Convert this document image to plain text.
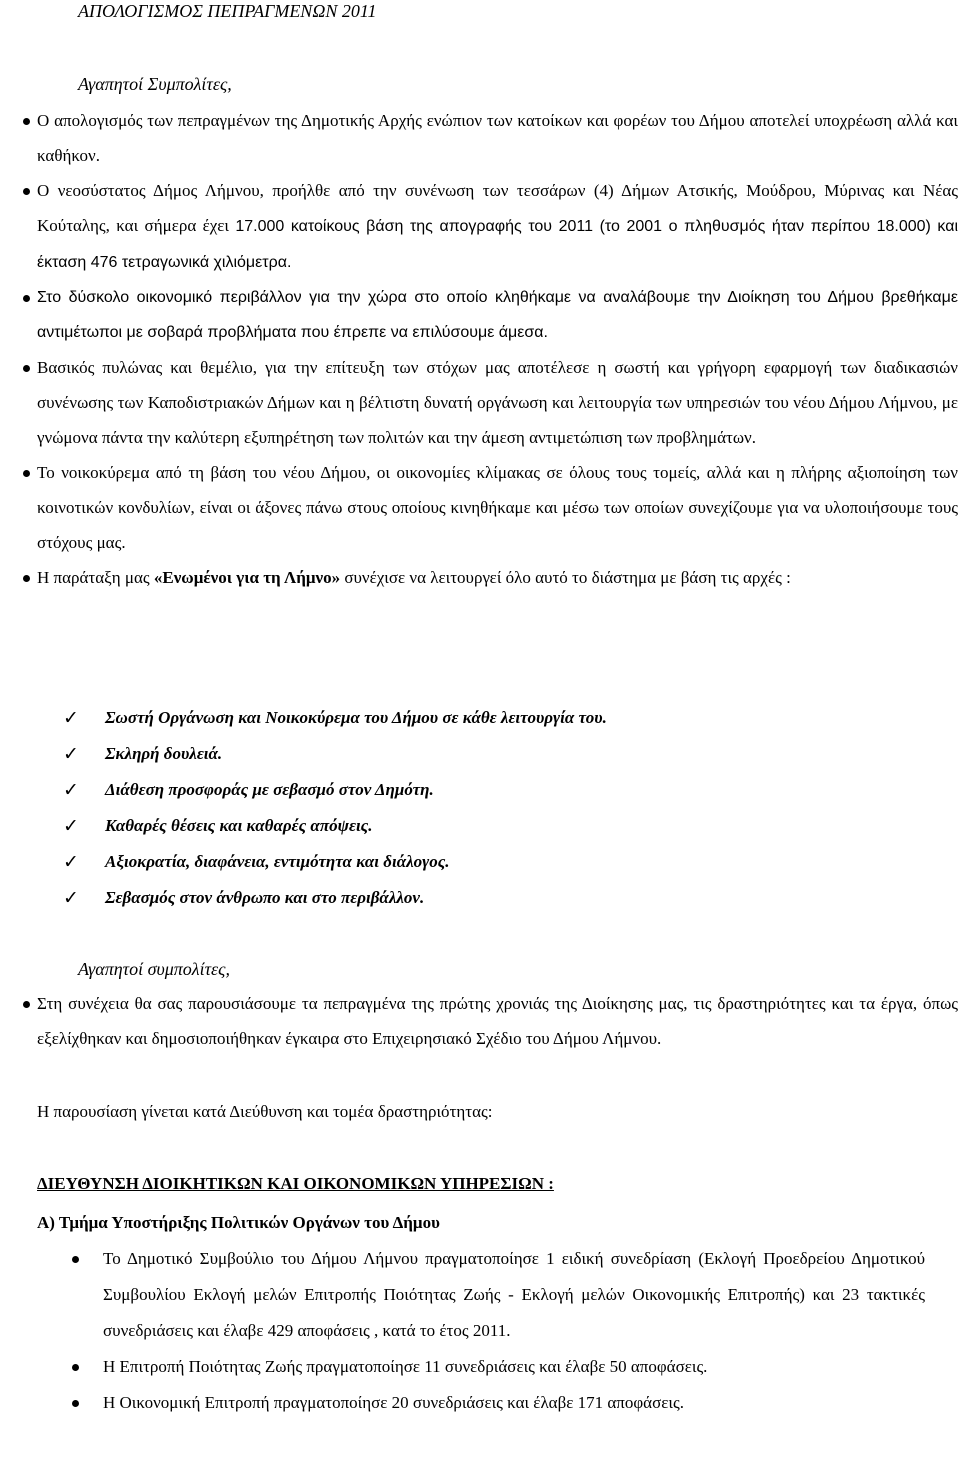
ΑΠΟΛΟΓΙΣΜΟΣ ΠΕΠΡΑΓΜΕΝΩΝ 2011
Αγαπητοί Συμπολίτες,
Ο απολογισμός των πεπραγμένων της Δημοτικής Αρχής ενώπιον των κατοίκων και φορέων του Δήμου αποτελεί υποχρέωση αλλά και καθήκον.
Ο νεοσύστατος Δήμος Λήμνου, προήλθε από την συνένωση των τεσσάρων (4) Δήμων Ατσικής, Μούδρου, Μύρινας και Νέας Κούταλης, και σήμερα έχει 17.000 κατοίκους βάση της απογραφής του 2011 (το 2001 ο πληθυσμός ήταν περίπου 18.000) και έκταση 476 τετραγωνικά χιλιόμετρα.
Στο δύσκολο οικονομικό περιβάλλον για την χώρα στο οποίο κληθήκαμε να αναλάβουμε την Διοίκηση του Δήμου βρεθήκαμε αντιμέτωποι με σοβαρά προβλήματα που έπρεπε να επιλύσουμε άμεσα.
Βασικός πυλώνας και θεμέλιο, για την επίτευξη των στόχων μας αποτέλεσε η σωστή και γρήγορη εφαρμογή των διαδικασιών συνένωσης των Καποδιστριακών Δήμων και η βέλτιστη δυνατή οργάνωση και λειτουργία των υπηρεσιών του νέου Δήμου Λήμνου, με γνώμονα πάντα την καλύτερη εξυπηρέτηση των πολιτών και την άμεση αντιμετώπιση των προβλημάτων.
Το νοικοκύρεμα από τη βάση του νέου Δήμου, οι οικονομίες κλίμακας σε όλους τους τομείς, αλλά και η πλήρης αξιοποίηση των κοινοτικών κονδυλίων, είναι οι άξονες πάνω στους οποίους κινηθήκαμε και μέσω των οποίων συνεχίζουμε για να υλοποιήσουμε τους στόχους μας.
Η παράταξη μας «Ενωμένοι για τη Λήμνο» συνέχισε να λειτουργεί όλο αυτό το διάστημα με βάση τις αρχές :
✓ Σωστή Οργάνωση και Νοικοκύρεμα του Δήμου σε κάθε λειτουργία του.
✓ Σκληρή δουλειά.
✓ Διάθεση προσφοράς με σεβασμό στον Δημότη.
✓ Καθαρές θέσεις και καθαρές απόψεις.
✓ Αξιοκρατία, διαφάνεια, εντιμότητα και διάλογος.
✓ Σεβασμός στον άνθρωπο και στο περιβάλλον.
Αγαπητοί συμπολίτες,
Στη συνέχεια θα σας παρουσιάσουμε τα πεπραγμένα της πρώτης χρονιάς της Διοίκησης μας, τις δραστηριότητες και τα έργα, όπως εξελίχθηκαν και δημοσιοποιήθηκαν έγκαιρα στο Επιχειρησιακό Σχέδιο του Δήμου Λήμνου.
Η παρουσίαση γίνεται κατά Διεύθυνση και τομέα δραστηριότητας:
ΔΙΕΥΘΥΝΣΗ ΔΙΟΙΚΗΤΙΚΩΝ ΚΑΙ ΟΙΚΟΝΟΜΙΚΩΝ ΥΠΗΡΕΣΙΩΝ :
Α) Τμήμα Υποστήριξης Πολιτικών Οργάνων του Δήμου
Το Δημοτικό Συμβούλιο του Δήμου Λήμνου πραγματοποίησε 1 ειδική συνεδρίαση (Εκλογή Προεδρείου Δημοτικού Συμβουλίου Εκλογή μελών Επιτροπής Ποιότητας Ζωής - Εκλογή μελών Οικονομικής Επιτροπής) και 23 τακτικές συνεδριάσεις και έλαβε 429 αποφάσεις , κατά το έτος 2011.
Η Επιτροπή Ποιότητας Ζωής πραγματοποίησε 11 συνεδριάσεις και έλαβε 50 αποφάσεις.
Η Οικονομική Επιτροπή πραγματοποίησε 20 συνεδριάσεις και έλαβε 171 αποφάσεις.
